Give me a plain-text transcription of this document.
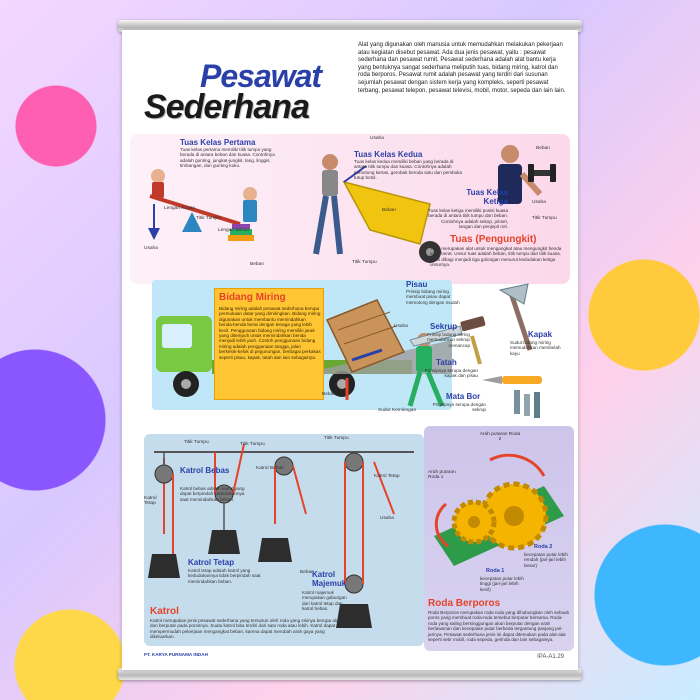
Pesawat
Sederhana
Alat yang digunakan oleh manusia untuk memudahkan melakukan pekerjaan atau kegiatan disebut pesawat. Ada dua jenis pesawat, yaitu : pesawat sederhana dan pesawat rumit. Pesawat sederhana adalah alat bantu kerja yang bentuknya sangat sederhana meliputih tuas, bidang miring, katrol dan roda berporos. Pesawat rumit adalah pesawat yang terdiri dari susunan sejumlah pesawat dengan sistem kerja yang kompleks, seperti pesawat terbang, pesawat telepon, pesawat televisi, mobil, motor, sepeda dan lain lain.
Tuas Kelas Pertama
Tuas kelas pertama memiliki titik tumpu yang berada di antara beban dan kuasa. Contohnya adalah gunting, jungkat-jungkit, tang, linggis, timbangan, dan gunting kuku.
Lengan Kuasa
Titik Tumpu
Lengan Beban
Usaha
Beban
Tuas Kelas Kedua
Tuas kelas kedua memiliki beban yang berada di antara titik tumpu dan kuasa. Contohnya adalah pemotong kertas, gerobak beroda satu dan pembuka tutup botol.
Usaha
Beban
Titik Tumpu
Tuas Kelas Ketiga
Tuas kelas ketiga memiliki posisi kuasa berada di antara titik tumpu dan beban. Contohnya adalah sekop, pinset, tangan dan penjepit roti.
Beban
Usaha
Titik Tumpu
Tuas (Pengungkit)
Tuas merupakan alat untuk mengangkat atau mengungkit benda yang berat. Unsur tuas adalah beban, titik tumpu dan titik kuasa. Tuas dibagi menjadi tiga golongan menurut kedudukan ketiga unsurnya.
Bidang Miring
Bidang miring adalah pesawat sederhana berupa permukaan datar yang dimiringkan. Bidang miring digunakan untuk membantu memindahkan benda-benda berat dengan tenaga yang lebih kecil. Penggunaan bidang miring memiliki jarak yang ditempuh untuk memindahkan benda menjadi lebih jauh. Contoh penggunaan bidang miring adalah penggunaan tangga, jalan berkelok-kelok di pegunungan, berbagai perkakas seperti pisau, kapak, tatah dan lain sebagainya.
Usaha
Beban
Sudut Kemiringan
Pisau
Prinsip bidang miring membuat pisau dapat memotong dengan mudah
Kapak
Sudut bidang miring memudahkan membelah kayu
Sekrup
Prinsip bidang miring memudahkan sekrup menancap
Tatah
Prinsipnya serupa dengan kapak dan pisau
Mata Bor
Prinsipnya serupa dengan sekrup
Titik Tumpu	Titik Tumpu
Titik Tumpu
Katrol Tetap
Katrol Bebas
Katrol Tetap
Usaha
Beban
Katrol Bebas
Katrol bebas adalah katrol yang dapat berpindah kedudukannya saat memindahkan beban.
Katrol Tetap
Katrol tetap adalah katrol yang kedudukannya tidak berpindah saat memindahkan beban.
Katrol Majemuk
Katrol majemuk merupakan gabungan dari katrol tetap dan katrol bebas.
Katrol
Katrol merupakan jenis pesawat sederhana yang tersusun oleh roda yang sisinya berupa alur dan berputar pada porosnya. Suatu katrol bisa terdiri dari satu roda atau lebih. Katrol dapat mempermudah pekerjaan mengangkat beban, karena dapat merubah arah gaya yang dikeluarkan.
Arah putaran Roda 2
Arah putaran Roda 1
Roda 2
kecepatan putar lebih rendah (jari-jari lebih besar)
Roda 1
kecepatan putar lebih tinggi (jari-jari lebih kecil)
Roda Berporos
Roda Berporos merupakan roda roda yang dihubungkan oleh sebuah poros yang membuat roda-roda tersebut berputar bersama. Roda-roda yang saling bersinggungan akan berputar dengan arah berlawanan dan kecepatan putar berbeda tergantung panjang jari-jarinya. Pesawat sederhana jenis ini dapat ditemukan pada alat-alat seperti setir mobil, roda sepeda, gerinda dan lain sebagainya.
PT. KARYA PURNAMA INDAH	IPA-A1.29
